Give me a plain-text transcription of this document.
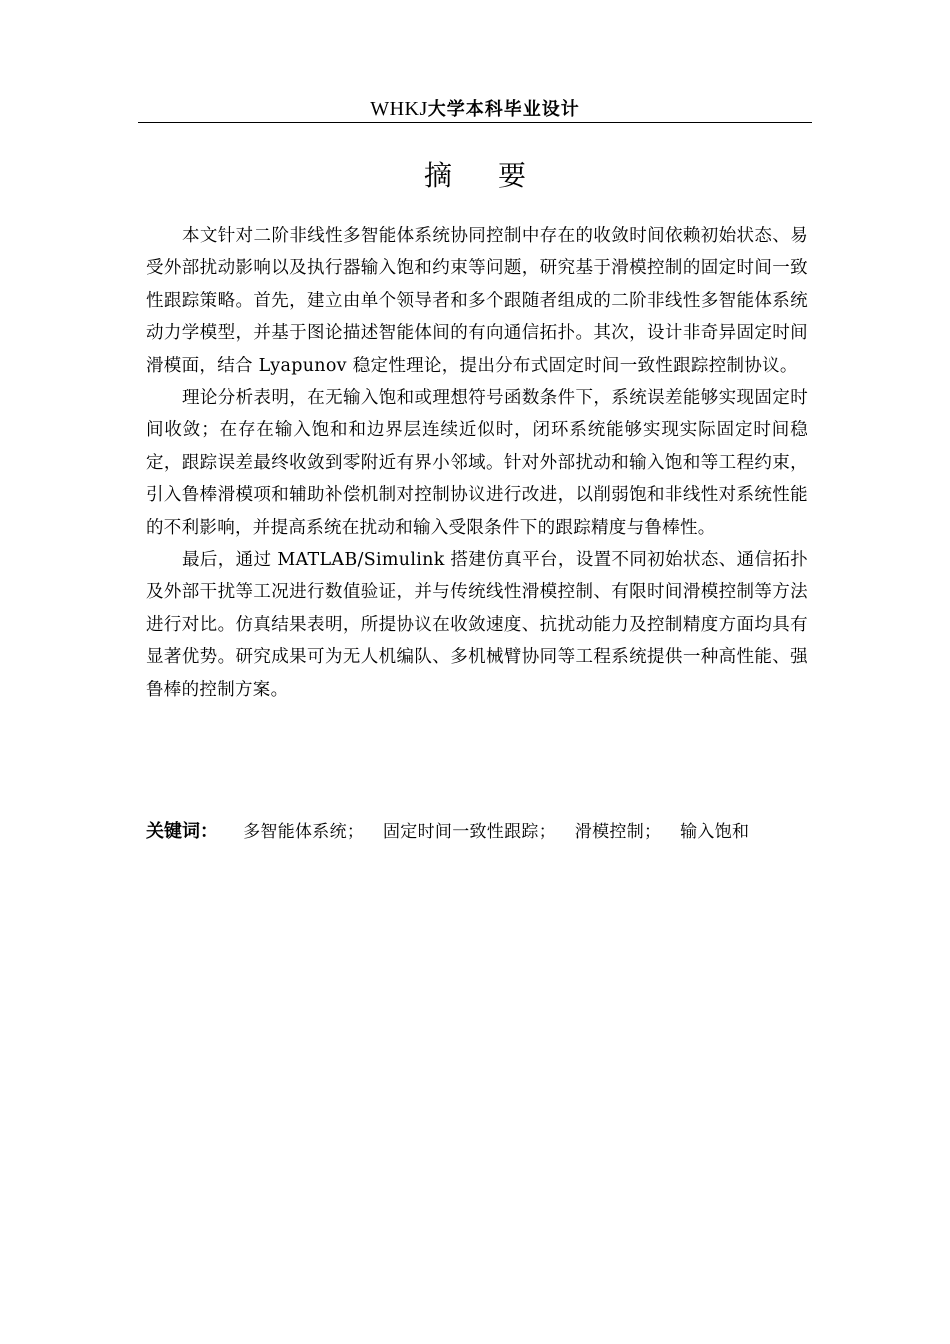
WHKJ大学本科毕业设计
摘要

本文针对二阶非线性多智能体系统协同控制中存在的收敛时间依赖初始状态、易受外部扰动影响以及执行器输入饱和约束等问题，研究基于滑模控制的固定时间一致性跟踪策略。首先，建立由单个领导者和多个跟随者组成的二阶非线性多智能体系统动力学模型，并基于图论描述智能体间的有向通信拓扑。其次，设计非奇异固定时间滑模面，结合 Lyapunov 稳定性理论，提出分布式固定时间一致性跟踪控制协议。

理论分析表明，在无输入饱和或理想符号函数条件下，系统误差能够实现固定时间收敛；在存在输入饱和和边界层连续近似时，闭环系统能够实现实际固定时间稳定，跟踪误差最终收敛到零附近有界小邻域。针对外部扰动和输入饱和等工程约束，引入鲁棒滑模项和辅助补偿机制对控制协议进行改进，以削弱饱和非线性对系统性能的不利影响，并提高系统在扰动和输入受限条件下的跟踪精度与鲁棒性。

最后，通过 MATLAB/Simulink 搭建仿真平台，设置不同初始状态、通信拓扑及外部干扰等工况进行数值验证，并与传统线性滑模控制、有限时间滑模控制等方法进行对比。仿真结果表明，所提协议在收敛速度、抗扰动能力及控制精度方面均具有显著优势。研究成果可为无人机编队、多机械臂协同等工程系统提供一种高性能、强鲁棒的控制方案。

关键词： 多智能体系统； 固定时间一致性跟踪； 滑模控制； 输入饱和
